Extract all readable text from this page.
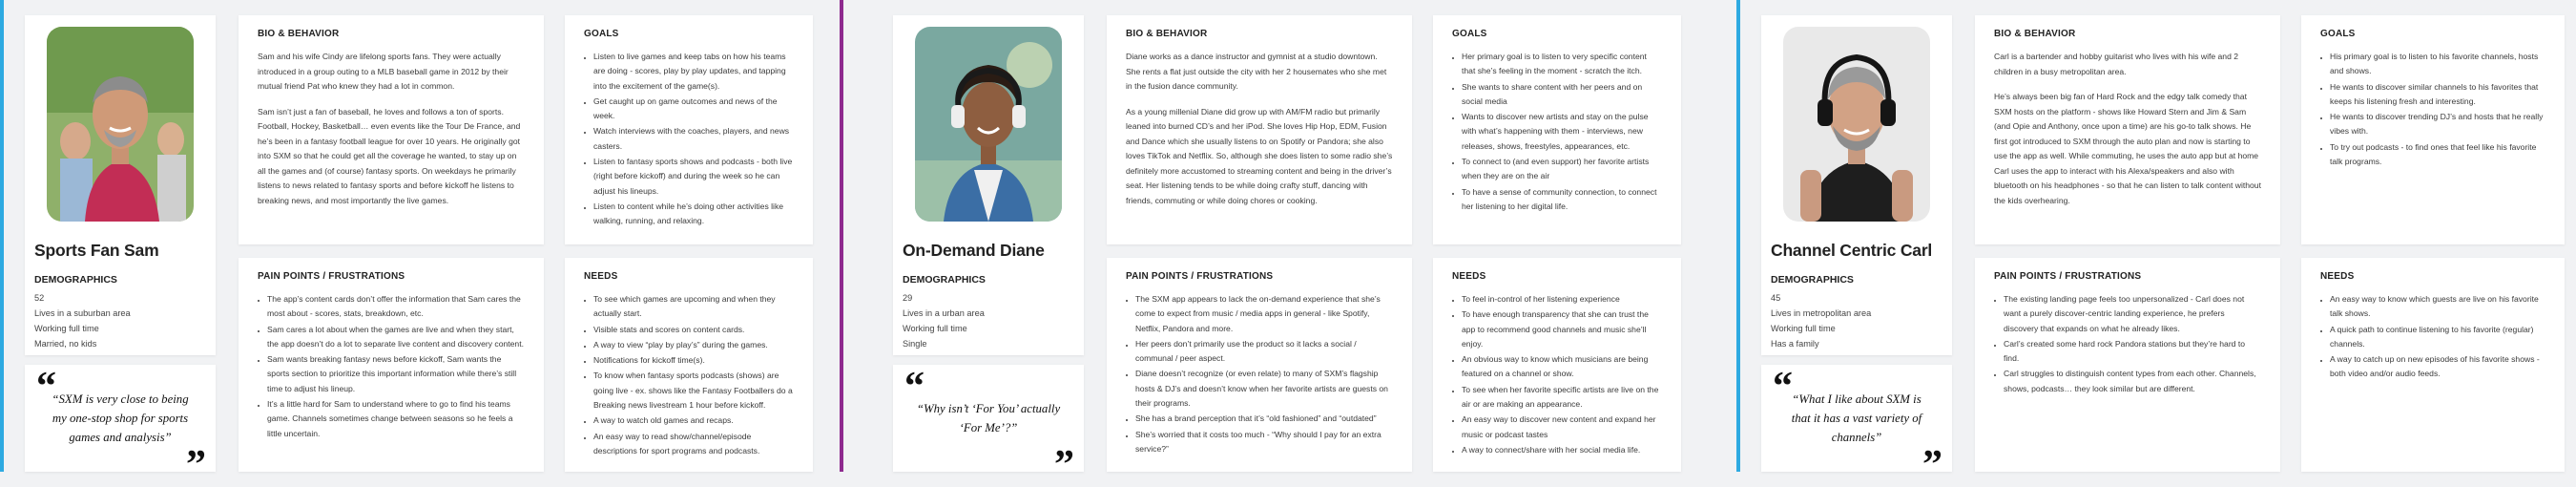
Sports Fan Sam
DEMOGRAPHICS
52
Lives in a suburban area
Working full time
Married, no kids
“
“SXM is very close to being my one-stop shop for sports games and analysis”
”
BIO & BEHAVIOR

Sam and his wife Cindy are lifelong sports fans. They were actually introduced in a group outing to a MLB baseball game in 2012 by their mutual friend Pat who knew they had a lot in common.

Sam isn’t just a fan of baseball, he loves and follows a ton of sports. Football, Hockey, Basketball… even events like the Tour De France, and he’s been in a fantasy football league for over 10 years. He originally got into SXM so that he could get all the coverage he wanted, to stay up on all the games and (of course) fantasy sports. On weekdays he primarily listens to news related to fantasy sports and before kickoff he listens to breaking news, and most importantly the live games.

GOALS
• Listen to live games and keep tabs on how his teams are doing - scores, play by play updates, and tapping into the excitement of the game(s).
• Get caught up on game outcomes and news of the week.
• Watch interviews with the coaches, players, and news casters.
• Listen to fantasy sports shows and podcasts - both live (right before kickoff) and during the week so he can adjust his lineups.
• Listen to content while he’s doing other activities like walking, running, and relaxing.
PAIN POINTS / FRUSTRATIONS
• The app’s content cards don’t offer the information that Sam cares the most about - scores, stats, breakdown, etc.
• Sam cares a lot about when the games are live and when they start, the app doesn’t do a lot to separate live content and discovery content.
• Sam wants breaking fantasy news before kickoff, Sam wants the sports section to prioritize this important information while there’s still time to adjust his lineup.
• It’s a little hard for Sam to understand where to go to find his teams game. Channels sometimes change between seasons so he feels a little uncertain.
NEEDS
• To see which games are upcoming and when they actually start.
• Visible stats and scores on content cards.
• A way to view “play by play’s” during the games.
• Notifications for kickoff time(s).
• To know when fantasy sports podcasts (shows) are going live - ex. shows like the Fantasy Footballers do a Breaking news livestream 1 hour before kickoff.
• A way to watch old games and recaps.
• An easy way to read show/channel/episode descriptions for sport programs and podcasts.
On-Demand Diane
DEMOGRAPHICS
29
Lives in a urban area
Working full time
Single
“
“Why isn’t ‘For You’ actually ‘For Me’?”
”
BIO & BEHAVIOR

Diane works as a dance instructor and gymnist at a studio downtown. She rents a flat just outside the city with her 2 housemates who she met in the fusion dance community.

As a young millenial Diane did grow up with AM/FM radio but primarily leaned into burned CD’s and her iPod. She loves Hip Hop, EDM, Fusion and Dance which she usually listens to on Spotify or Pandora; she also loves TikTok and Netflix. So, although she does listen to some radio she’s definitely more accustomed to streaming content and being in the driver’s seat. Her listening tends to be while doing crafty stuff, dancing with friends, commuting or while doing chores or cooking.

GOALS
• Her primary goal is to listen to very specific content that she’s feeling in the moment - scratch the itch.
• She wants to share content with her peers and on social media
• Wants to discover new artists and stay on the pulse with what’s happening with them - interviews, new releases, shows, freestyles, appearances, etc.
• To connect to (and even support) her favorite artists when they are on the air
• To have a sense of community connection, to connect her listening to her digital life.
PAIN POINTS / FRUSTRATIONS
• The SXM app appears to lack the on-demand experience that she’s come to expect from music / media apps in general - like Spotify, Netflix, Pandora and more.
• Her peers don’t primarily use the product so it lacks a social / communal / peer aspect.
• Diane doesn’t recognize (or even relate) to many of SXM’s flagship hosts & DJ’s and doesn’t know when her favorite artists are guests on their programs.
• She has a brand perception that it’s “old fashioned” and “outdated”
• She’s worried that it costs too much - “Why should I pay for an extra service?”
NEEDS
• To feel in-control of her listening experience
• To have enough transparency that she can trust the app to recommend good channels and music she’ll enjoy.
• An obvious way to know which musicians are being featured on a channel or show.
• To see when her favorite specific artists are live on the air or are making an appearance.
• An easy way to discover new content and expand her music or podcast tastes
• A way to connect/share with her social media life.
Channel Centric Carl
DEMOGRAPHICS
45
Lives in metropolitan area
Working full time
Has a family
“ “What I like about SXM is that it has a vast variety of channels”
”
BIO & BEHAVIOR

Carl is a bartender and hobby guitarist who lives with his wife and 2 children in a busy metropolitan area.

He’s always been big fan of Hard Rock and the edgy talk comedy that SXM hosts on the platform - shows like Howard Stern and Jim & Sam (and Opie and Anthony, once upon a time) are his go-to talk shows. He first got introduced to SXM through the auto plan and now is starting to use the app as well. While commuting, he uses the auto app but at home Carl uses the app to interact with his Alexa/speakers and also with bluetooth on his headphones - so that he can listen to talk content without the kids overhearing.

GOALS
• His primary goal is to listen to his favorite channels, hosts and shows.
• He wants to discover similar channels to his favorites that keeps his listening fresh and interesting.
• He wants to discover trending DJ’s and hosts that he really vibes with.
• To try out podcasts - to find ones that feel like his favorite talk programs.
PAIN POINTS / FRUSTRATIONS
• The existing landing page feels too unpersonalized - Carl does not want a purely discover-centric landing experience, he prefers discovery that expands on what he already likes.
• Carl’s created some hard rock Pandora stations but they’re hard to find.
• Carl struggles to distinguish content types from each other. Channels, shows, podcasts… they look similar but are different.
NEEDS
• An easy way to know which guests are live on his favorite talk shows.
• A quick path to continue listening to his favorite (regular) channels.
• A way to catch up on new episodes of his favorite shows - both video and/or audio feeds.
